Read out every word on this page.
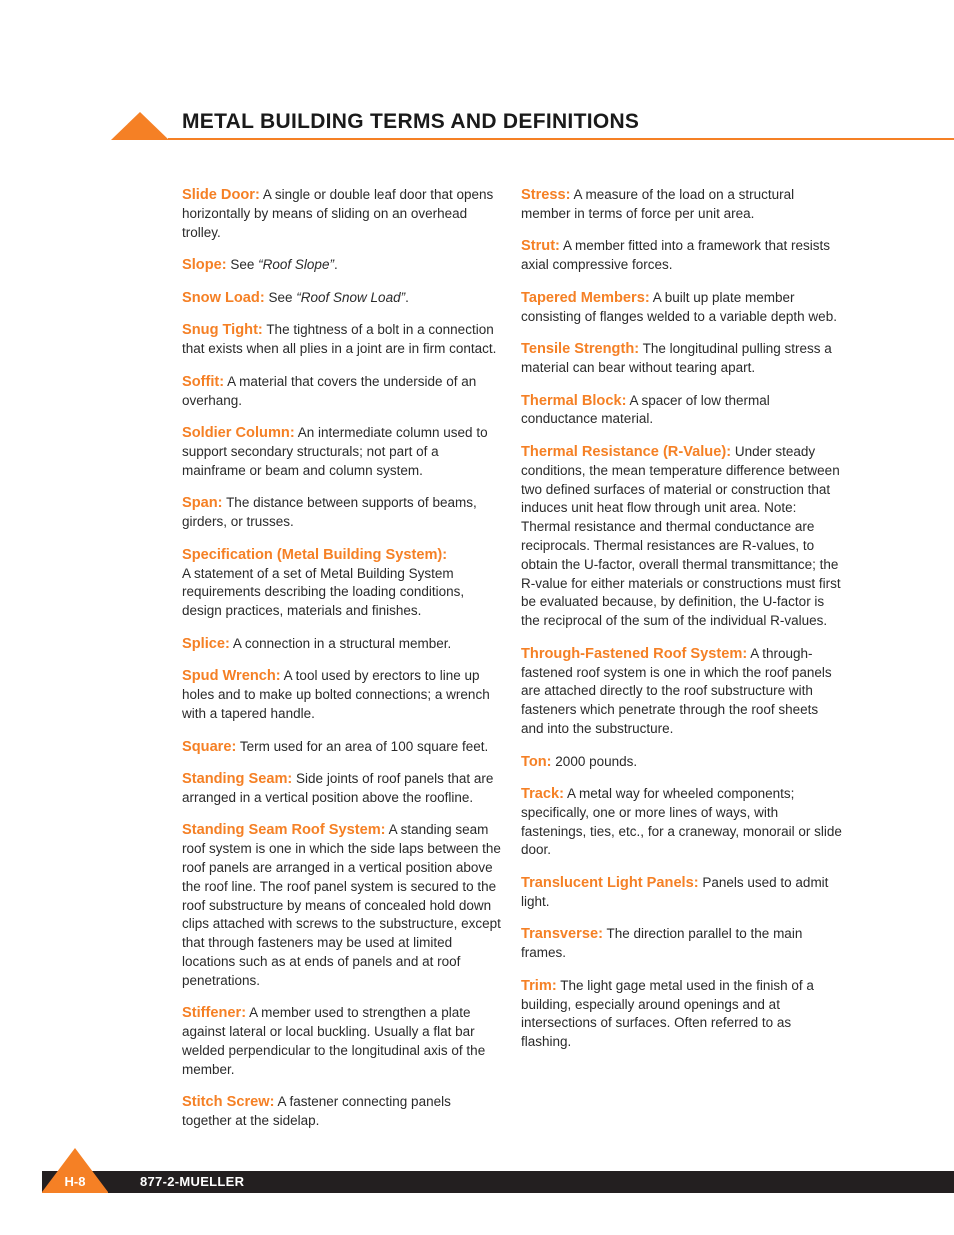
METAL BUILDING TERMS AND DEFINITIONS

Slide Door: A single or double leaf door that opens horizontally by means of sliding on an overhead trolley.

Slope: See “Roof Slope”.

Snow Load: See “Roof Snow Load”.

Snug Tight: The tightness of a bolt in a connection that exists when all plies in a joint are in firm contact.

Soffit: A material that covers the underside of an overhang.

Soldier Column: An intermediate column used to support secondary structurals; not part of a mainframe or beam and column system.

Span: The distance between supports of beams, girders, or trusses.

Specification (Metal Building System):
A statement of a set of Metal Building System requirements describing the loading conditions, design practices, materials and finishes.

Splice: A connection in a structural member.

Spud Wrench: A tool used by erectors to line up holes and to make up bolted connections; a wrench with a tapered handle.

Square: Term used for an area of 100 square feet.

Standing Seam: Side joints of roof panels that are arranged in a vertical position above the roofline.

Standing Seam Roof System: A standing seam roof system is one in which the side laps between the roof panels are arranged in a vertical position above the roof line. The roof panel system is secured to the roof substructure by means of concealed hold down clips attached with screws to the substructure, except that through fasteners may be used at limited locations such as at ends of panels and at roof penetrations.

Stiffener: A member used to strengthen a plate against lateral or local buckling. Usually a flat bar welded perpendicular to the longitudinal axis of the member.

Stitch Screw: A fastener connecting panels together at the sidelap.

Stress: A measure of the load on a structural member in terms of force per unit area.

Strut: A member fitted into a framework that resists axial compressive forces.

Tapered Members: A built up plate member consisting of flanges welded to a variable depth web.

Tensile Strength: The longitudinal pulling stress a material can bear without tearing apart.

Thermal Block: A spacer of low thermal conductance material.

Thermal Resistance (R-Value): Under steady conditions, the mean temperature difference between two defined surfaces of material or construction that induces unit heat flow through unit area. Note: Thermal resistance and thermal conductance are reciprocals. Thermal resistances are R-values, to obtain the U-factor, overall thermal transmittance; the R-value for either materials or constructions must first be evaluated because, by definition, the U-factor is the reciprocal of the sum of the individual R-values.

Through-Fastened Roof System: A through-fastened roof system is one in which the roof panels are attached directly to the roof substructure with fasteners which penetrate through the roof sheets and into the substructure.

Ton: 2000 pounds.

Track: A metal way for wheeled components; specifically, one or more lines of ways, with fastenings, ties, etc., for a craneway, monorail or slide door.

Translucent Light Panels: Panels used to admit light.

Transverse: The direction parallel to the main frames.

Trim: The light gage metal used in the finish of a building, especially around openings and at intersections of surfaces. Often referred to as flashing.

H-8	877-2-MUELLER
